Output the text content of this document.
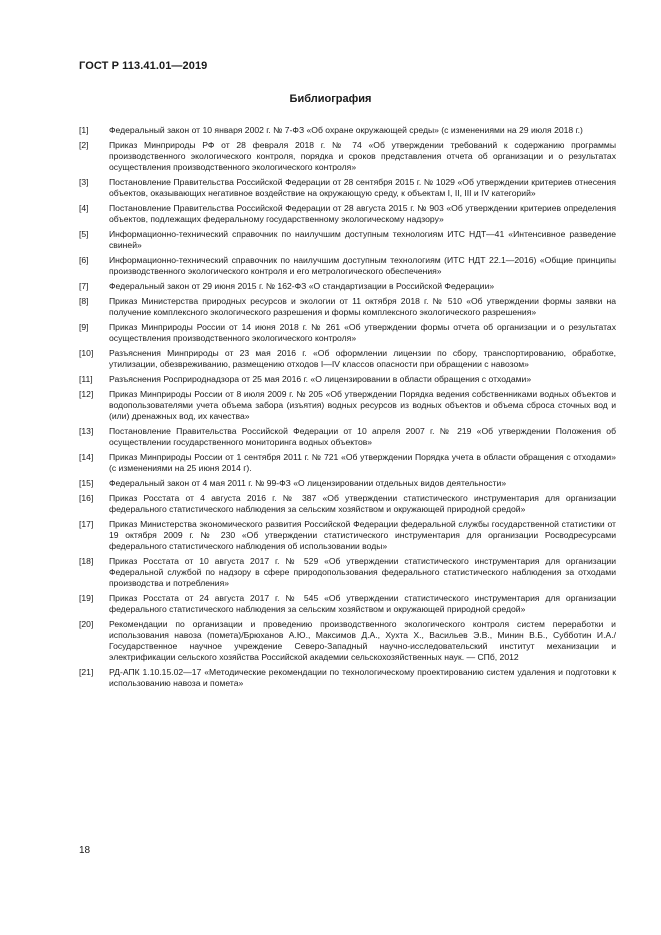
ГОСТ Р 113.41.01—2019
Библиография
[1]	Федеральный закон от 10 января 2002 г. № 7-ФЗ «Об охране окружающей среды» (с изменениями на 29 июля 2018 г.)
[2]	Приказ Минприроды РФ от 28 февраля 2018 г. № 74 «Об утверждении требований к содержанию программы производственного экологического контроля, порядка и сроков представления отчета об организации и о результатах осуществления производственного экологического контроля»
[3]	Постановление Правительства Российской Федерации от 28 сентября 2015 г. № 1029 «Об утверждении критериев отнесения объектов, оказывающих негативное воздействие на окружающую среду, к объектам I, II, III и IV категорий»
[4]	Постановление Правительства Российской Федерации от 28 августа 2015 г. № 903 «Об утверждении критериев определения объектов, подлежащих федеральному государственному экологическому надзору»
[5]	Информационно-технический справочник по наилучшим доступным технологиям ИТС НДТ—41 «Интенсивное разведение свиней»
[6]	Информационно-технический справочник по наилучшим доступным технологиям (ИТС НДТ 22.1—2016) «Общие принципы производственного экологического контроля и его метрологического обеспечения»
[7]	Федеральный закон от 29 июня 2015 г. № 162-ФЗ «О стандартизации в Российской Федерации»
[8]	Приказ Министерства природных ресурсов и экологии от 11 октября 2018 г. № 510 «Об утверждении формы заявки на получение комплексного экологического разрешения и формы комплексного экологического разрешения»
[9]	Приказ Минприроды России от 14 июня 2018 г. № 261 «Об утверждении формы отчета об организации и о результатах осуществления производственного экологического контроля»
[10]	Разъяснения Минприроды от 23 мая 2016 г. «Об оформлении лицензии по сбору, транспортированию, обработке, утилизации, обезвреживанию, размещению отходов I—IV классов опасности при обращении с навозом»
[11]	Разъяснения Росприроднадзора от 25 мая 2016 г. «О лицензировании в области обращения с отходами»
[12]	Приказ Минприроды России от 8 июля 2009 г. № 205 «Об утверждении Порядка ведения собственниками водных объектов и водопользователями учета объема забора (изъятия) водных ресурсов из водных объектов и объема сброса сточных вод и (или) дренажных вод, их качества»
[13]	Постановление Правительства Российской Федерации от 10 апреля 2007 г. № 219 «Об утверждении Положения об осуществлении государственного мониторинга водных объектов»
[14]	Приказ Минприроды России от 1 сентября 2011 г. № 721 «Об утверждении Порядка учета в области обращения с отходами» (с изменениями на 25 июня 2014 г).
[15]	Федеральный закон от 4 мая 2011 г. № 99-ФЗ «О лицензировании отдельных видов деятельности»
[16]	Приказ Росстата от 4 августа 2016 г. № 387 «Об утверждении статистического инструментария для организации федерального статистического наблюдения за сельским хозяйством и окружающей природной средой»
[17]	Приказ Министерства экономического развития Российской Федерации федеральной службы государственной статистики от 19 октября 2009 г. № 230 «Об утверждении статистического инструментария для организации Росводресурсами федерального статистического наблюдения об использовании воды»
[18]	Приказ Росстата от 10 августа 2017 г. № 529 «Об утверждении статистического инструментария для организации Федеральной службой по надзору в сфере природопользования федерального статистического наблюдения за отходами производства и потребления»
[19]	Приказ Росстата от 24 августа 2017 г. № 545 «Об утверждении статистического инструментария для организации федерального статистического наблюдения за сельским хозяйством и окружающей природной средой»
[20]	Рекомендации по организации и проведению производственного экологического контроля систем переработки и использования навоза (помета)/Брюханов А.Ю., Максимов Д.А., Хухта Х., Васильев Э.В., Минин В.Б., Субботин И.А./Государственное научное учреждение Северо-Западный научно-исследовательский институт механизации и электрификации сельского хозяйства Российской академии сельскохозяйственных наук. — СПб, 2012
[21]	РД-АПК 1.10.15.02—17 «Методические рекомендации по технологическому проектированию систем удаления и подготовки к использованию навоза и помета»
18
